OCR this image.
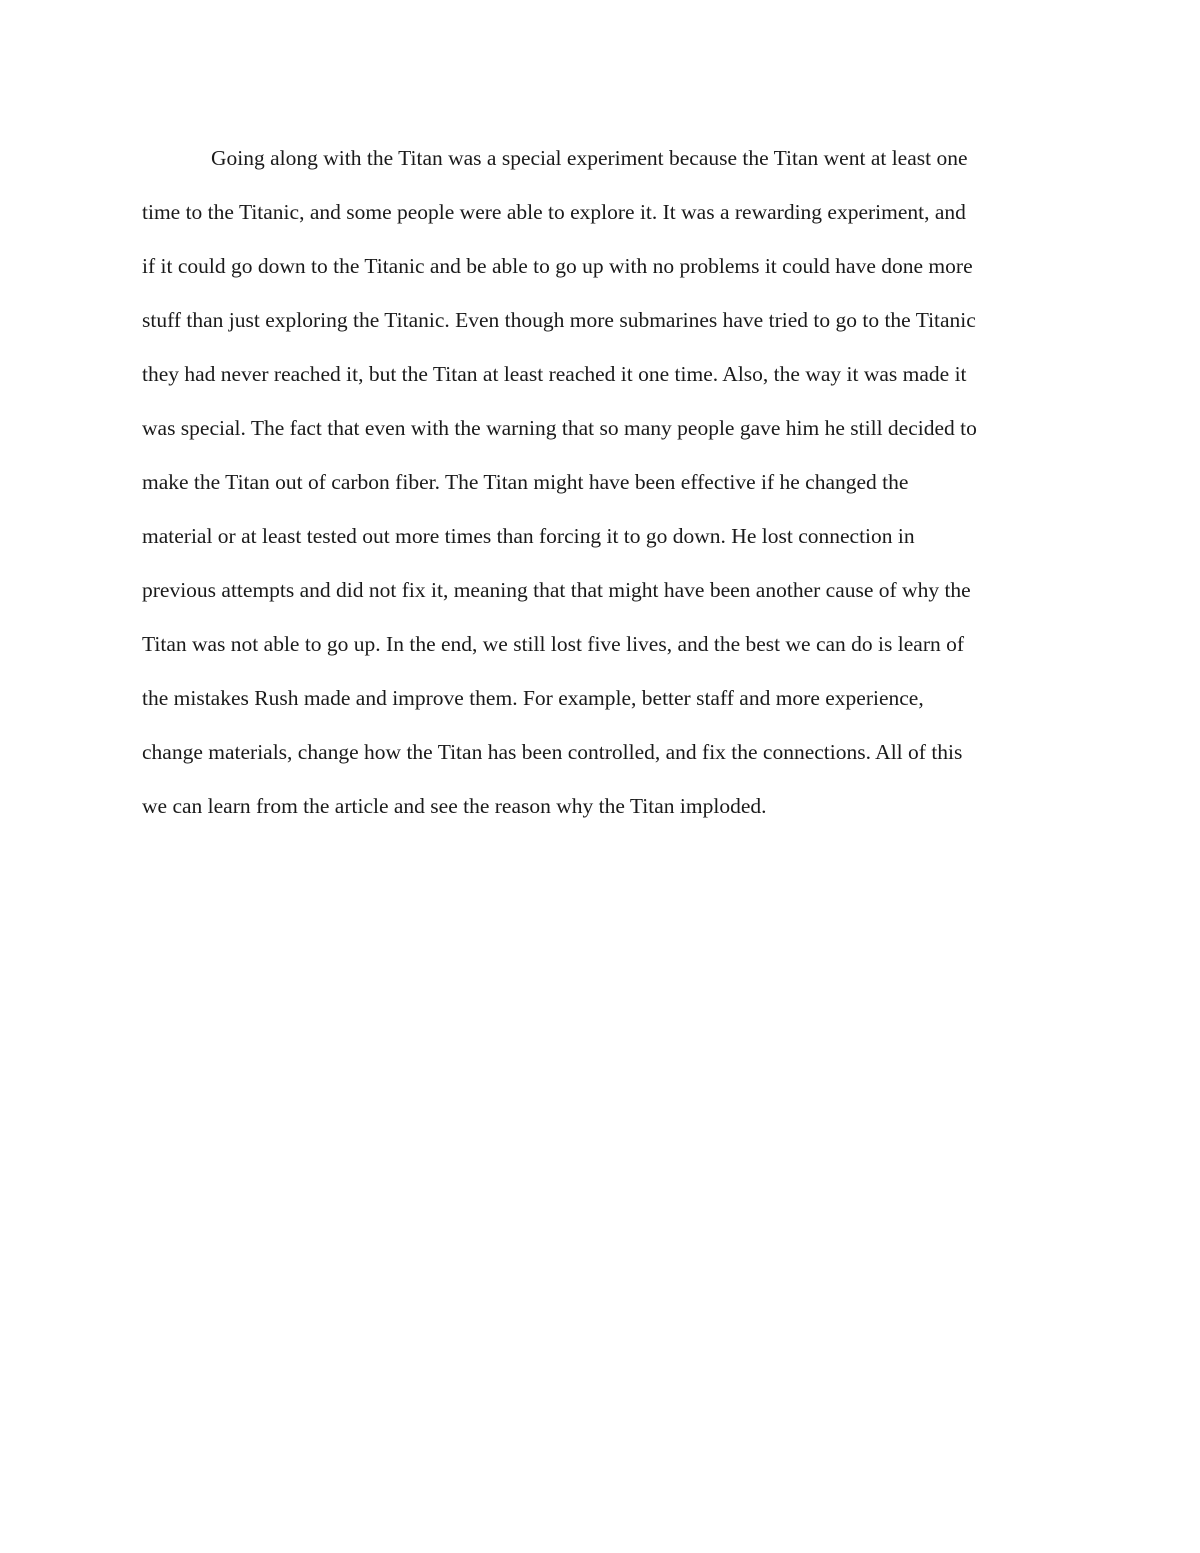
Going along with the Titan was a special experiment because the Titan went at least one
time to the Titanic, and some people were able to explore it. It was a rewarding experiment, and
if it could go down to the Titanic and be able to go up with no problems it could have done more
stuff than just exploring the Titanic. Even though more submarines have tried to go to the Titanic
they had never reached it, but the Titan at least reached it one time. Also, the way it was made it
was special. The fact that even with the warning that so many people gave him he still decided to
make the Titan out of carbon fiber. The Titan might have been effective if he changed the
material or at least tested out more times than forcing it to go down. He lost connection in
previous attempts and did not fix it, meaning that that might have been another cause of why the
Titan was not able to go up. In the end, we still lost five lives, and the best we can do is learn of
the mistakes Rush made and improve them. For example, better staff and more experience,
change materials, change how the Titan has been controlled, and fix the connections. All of this
we can learn from the article and see the reason why the Titan imploded.
